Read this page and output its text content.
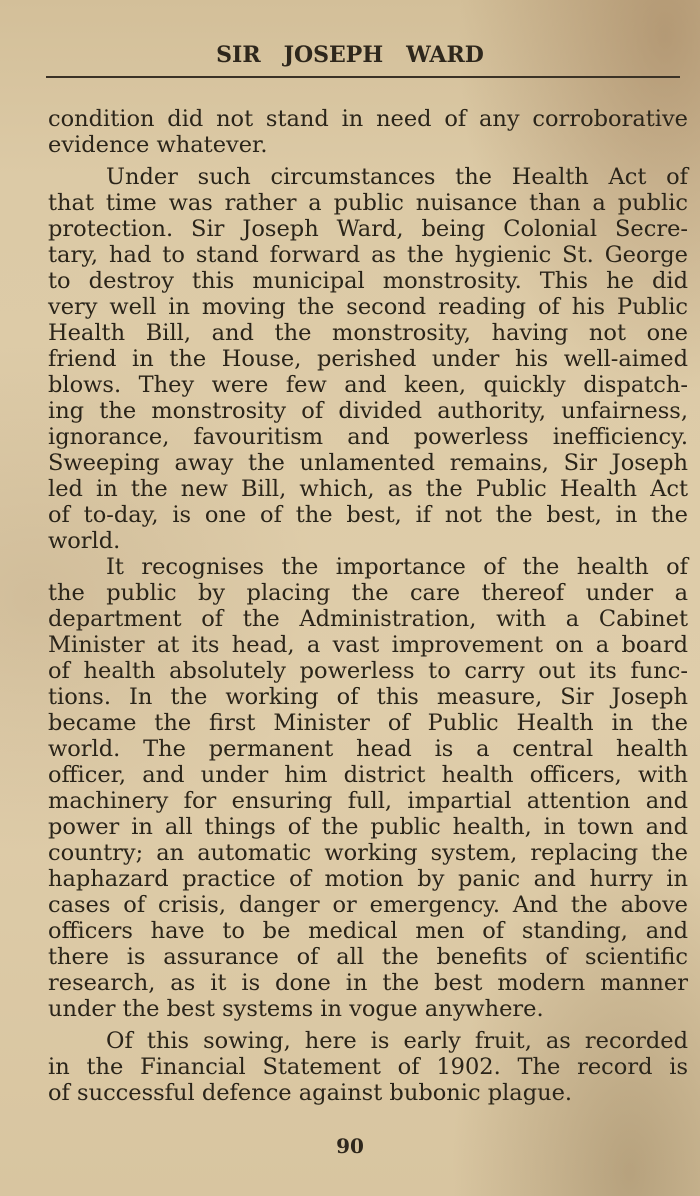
SIR   JOSEPH   WARD
condition did not stand in need of any corroborative
evidence whatever.
Under such circumstances the Health Act of
that time was rather a public nuisance than a public
protection. Sir Joseph Ward, being Colonial Secre-
tary, had to stand forward as the hygienic St. George
to destroy this municipal monstrosity. This he did
very well in moving the second reading of his Public
Health Bill, and the monstrosity, having not one
friend in the House, perished under his well-aimed
blows. They were few and keen, quickly dispatch-
ing the monstrosity of divided authority, unfairness,
ignorance, favouritism and powerless inefficiency.
Sweeping away the unlamented remains, Sir Joseph
led in the new Bill, which, as the Public Health Act
of to-day, is one of the best, if not the best, in the
world.
It recognises the importance of the health of
the public by placing the care thereof under a
department of the Administration, with a Cabinet
Minister at its head, a vast improvement on a board
of health absolutely powerless to carry out its func-
tions. In the working of this measure, Sir Joseph
became the first Minister of Public Health in the
world. The permanent head is a central health
officer, and under him district health officers, with
machinery for ensuring full, impartial attention and
power in all things of the public health, in town and
country; an automatic working system, replacing the
haphazard practice of motion by panic and hurry in
cases of crisis, danger or emergency. And the above
officers have to be medical men of standing, and
there is assurance of all the benefits of scientific
research, as it is done in the best modern manner
under the best systems in vogue anywhere.
Of this sowing, here is early fruit, as recorded
in the Financial Statement of 1902. The record is
of successful defence against bubonic plague.
90
